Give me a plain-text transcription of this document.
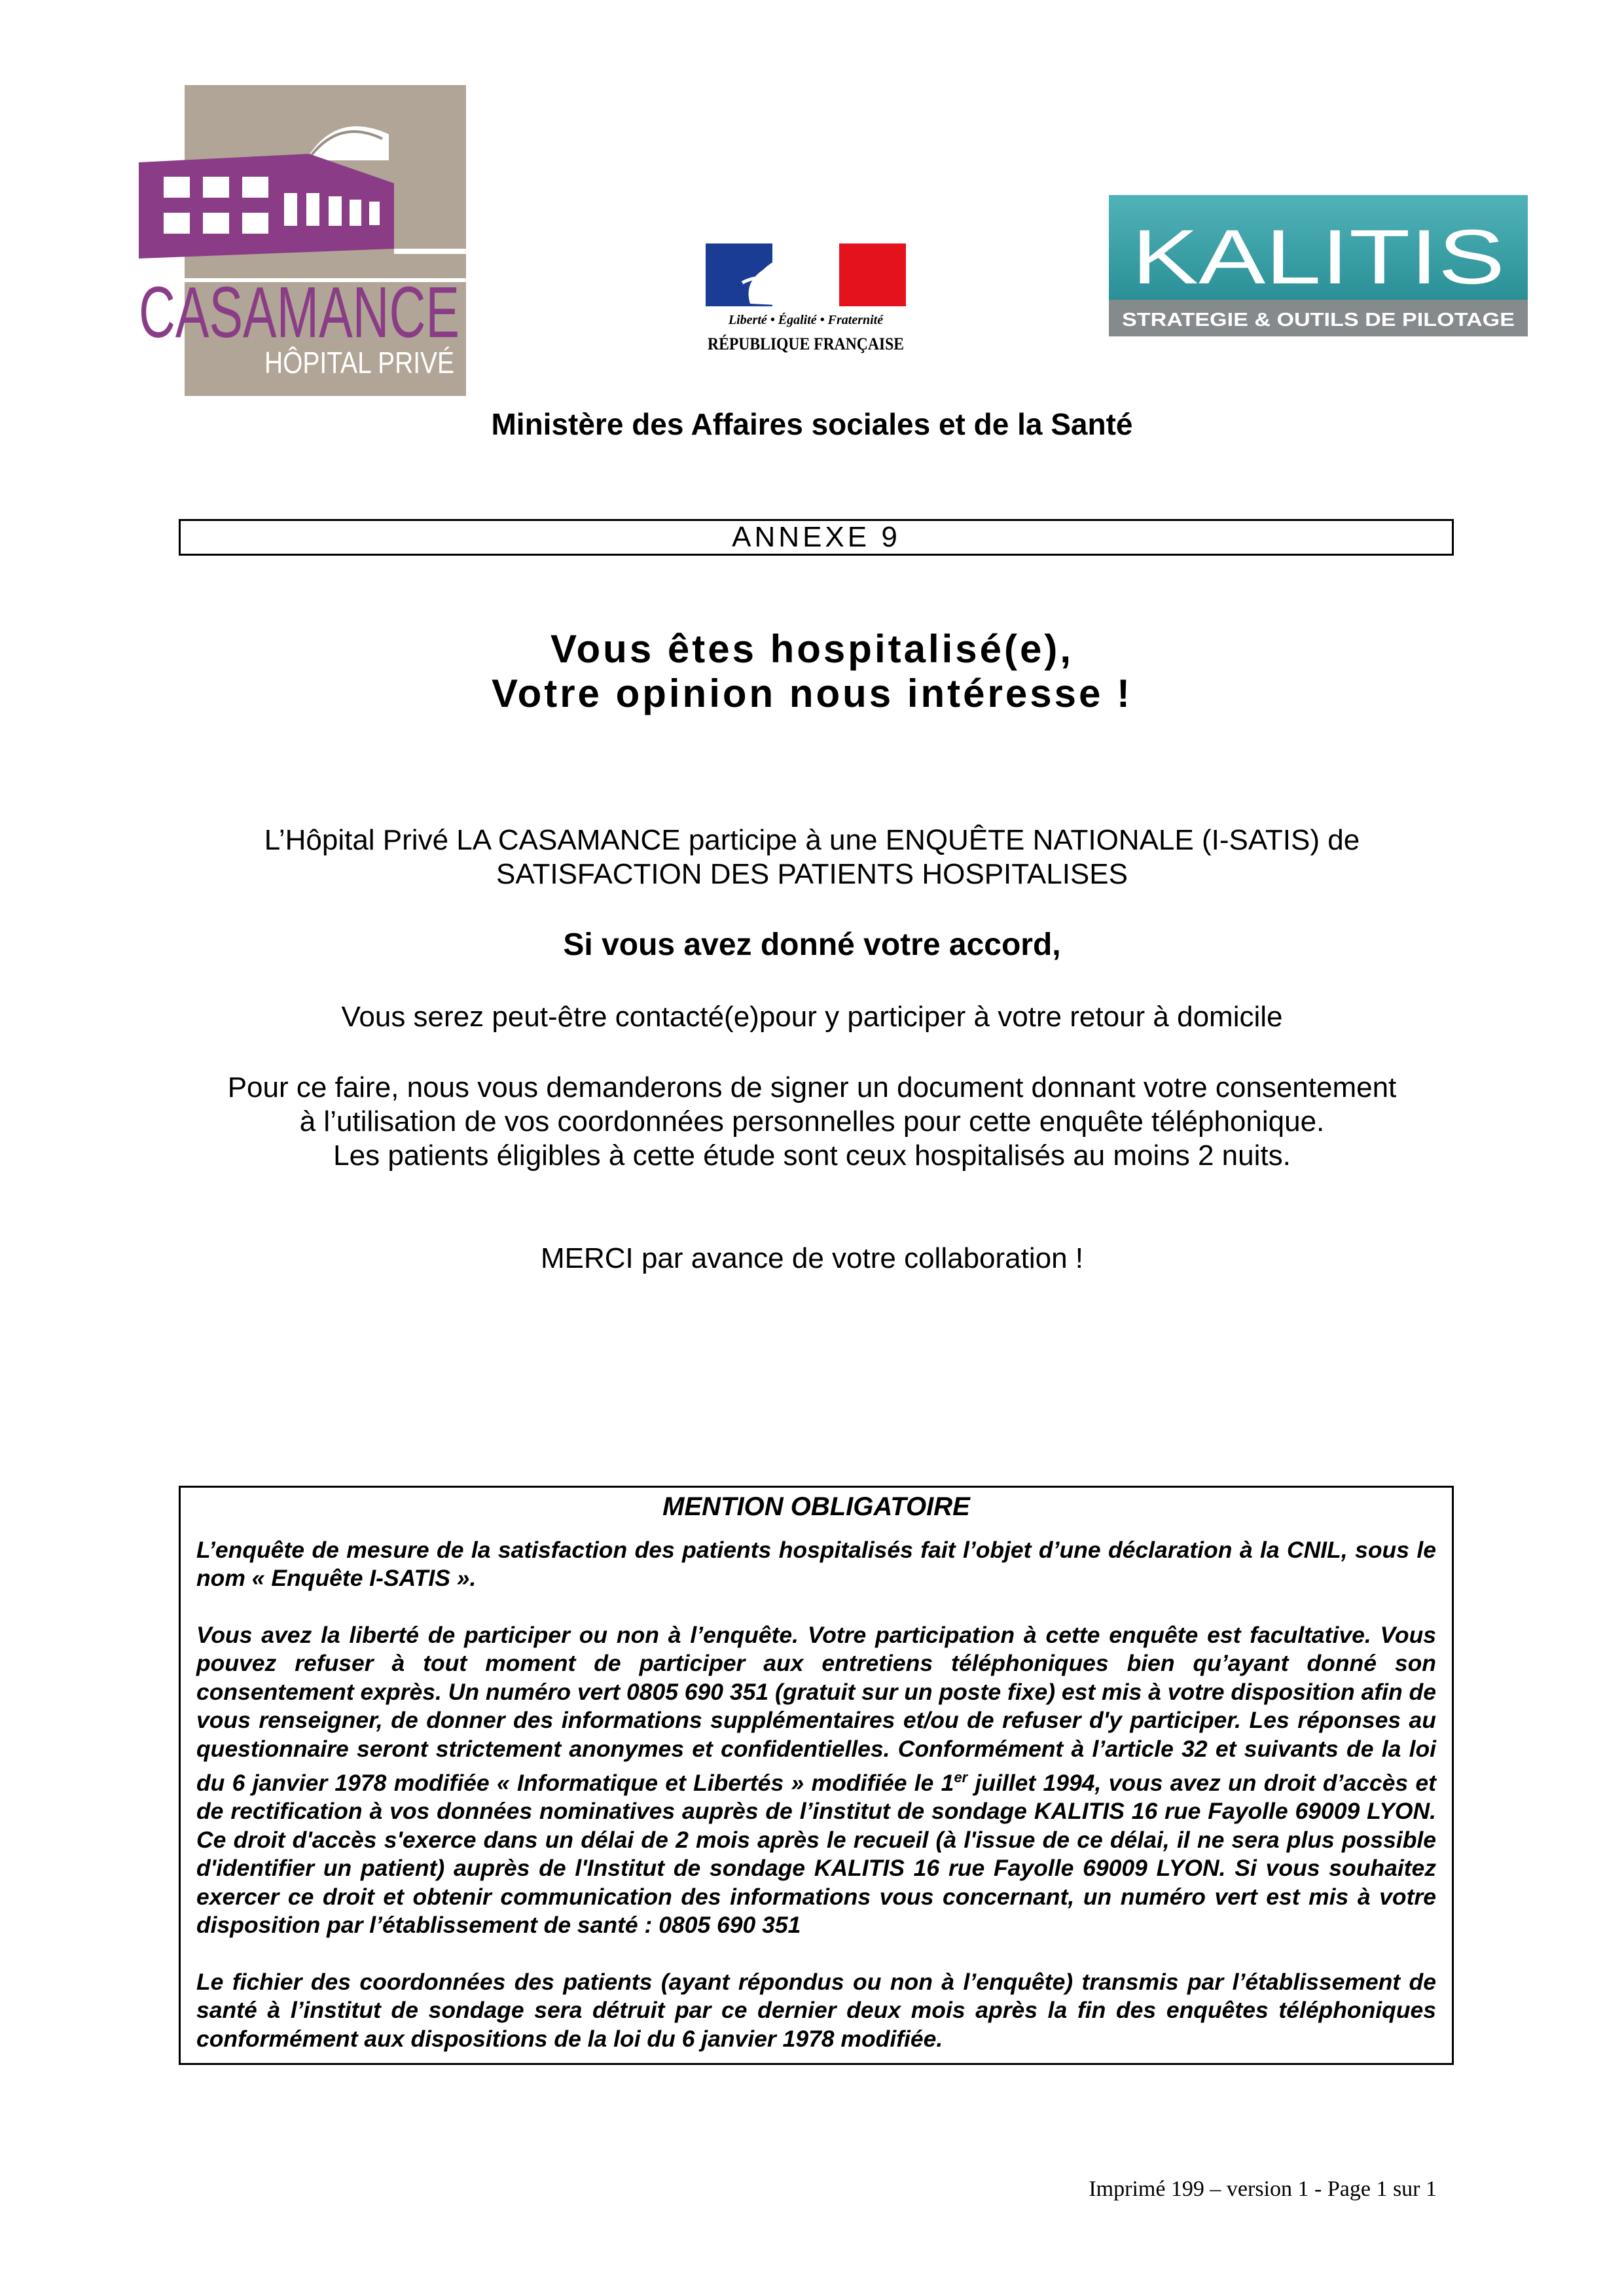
CASAMANCE
HÔPITAL PRIVÉ
Liberté • Égalité • Fraternité
RÉPUBLIQUE FRANÇAISE
KALITIS
STRATEGIE & OUTILS DE PILOTAGE
Ministère des Affaires sociales et de la Santé
ANNEXE 9
Vous êtes hospitalisé(e),
Votre opinion nous intéresse !
L’Hôpital Privé LA CASAMANCE participe à une ENQUÊTE NATIONALE (I-SATIS) de
SATISFACTION DES PATIENTS HOSPITALISES
Si vous avez donné votre accord,
Vous serez peut-être contacté(e)pour y participer à votre retour à domicile
Pour ce faire, nous vous demanderons de signer un document donnant votre consentement
à l’utilisation de vos coordonnées personnelles pour cette enquête téléphonique.
Les patients éligibles à cette étude sont ceux hospitalisés au moins 2 nuits.
MERCI par avance de votre collaboration !
MENTION OBLIGATOIRE

L’enquête de mesure de la satisfaction des patients hospitalisés fait l’objet d’une déclaration à la CNIL, sous le nom « Enquête I-SATIS ».

Vous avez la liberté de participer ou non à l’enquête. Votre participation à cette enquête est facultative. Vous pouvez refuser à tout moment de participer aux entretiens téléphoniques bien qu’ayant donné son consentement exprès. Un numéro vert 0805 690 351 (gratuit sur un poste fixe) est mis à votre disposition afin de vous renseigner, de donner des informations supplémentaires et/ou de refuser d'y participer. Les réponses au questionnaire seront strictement anonymes et confidentielles. Conformément à l’article 32 et suivants de la loi du 6 janvier 1978 modifiée « Informatique et Libertés » modifiée le 1er juillet 1994, vous avez un droit d’accès et de rectification à vos données nominatives auprès de l’institut de sondage KALITIS 16 rue Fayolle 69009 LYON. Ce droit d'accès s'exerce dans un délai de 2 mois après le recueil (à l'issue de ce délai, il ne sera plus possible d'identifier un patient) auprès de l'Institut de sondage KALITIS 16 rue Fayolle 69009 LYON. Si vous souhaitez exercer ce droit et obtenir communication des informations vous concernant, un numéro vert est mis à votre disposition par l’établissement de santé : 0805 690 351

Le fichier des coordonnées des patients (ayant répondus ou non à l’enquête) transmis par l’établissement de santé à l’institut de sondage sera détruit par ce dernier deux mois après la fin des enquêtes téléphoniques conformément aux dispositions de la loi du 6 janvier 1978 modifiée.

Imprimé 199 – version 1 - Page 1 sur 1
